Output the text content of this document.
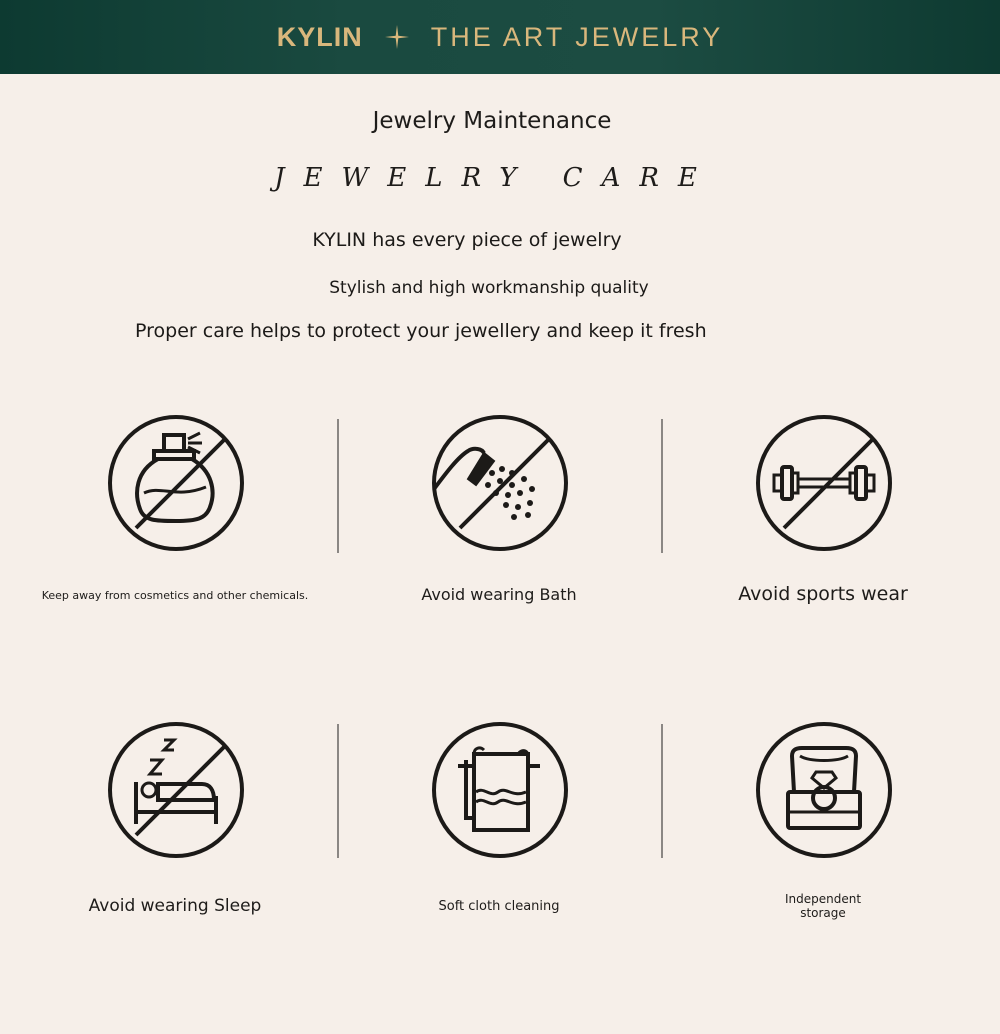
KYLIN	THE ART JEWELRY
Jewelry Maintenance
JEWELRY CARE
KYLIN has every piece of jewelry
Stylish and high workmanship quality
Proper care helps to protect your jewellery and keep it fresh
Keep away from cosmetics and other chemicals.	Avoid wearing Bath	Avoid sports wear
Avoid wearing Sleep	Soft cloth cleaning	Independent
storage
